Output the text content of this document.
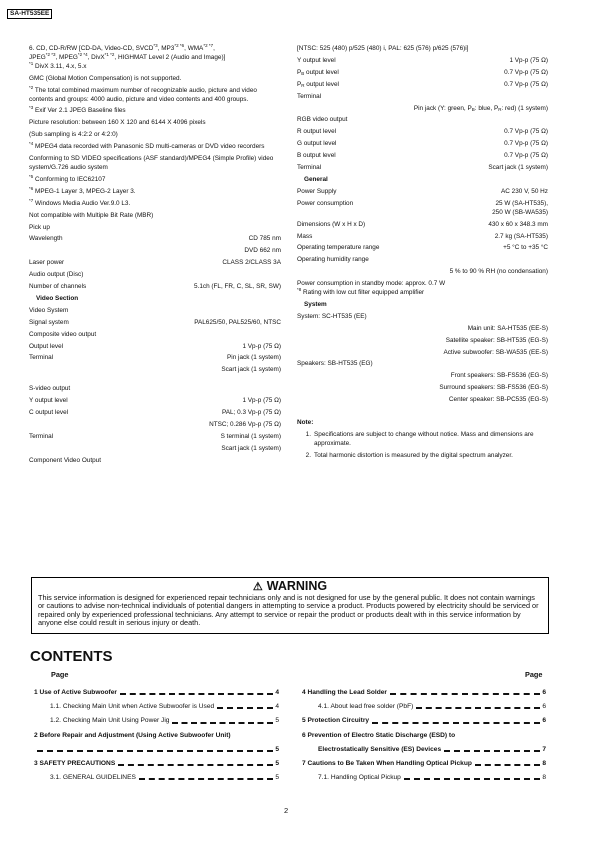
SA-HT535EE
6. CD, CD-R/RW [CD-DA, Video-CD, SVCD$^{*3}$, $MP3^{*2 *6}$, $WMA^{*2 *7}$,
$JPEG^{*2 *3}$, $MPEG^{*2 *4}$, DivX$^{*1 *2}$, HIGHMAT Level 2 (Audio and Image)]
$^{*1}$ DivX 3.11, 4.x, 5.x
GMC (Global Motion Compensation) is not supported.
$^{*2}$ The total combined maximum number of recognizable audio, picture and video contents and groups: 4000 audio, picture and video contents and 400 groups.
$^{*3}$ Exif Ver 2.1 JPEG Baseline files
Picture resolution: between 160 X 120 and 6144 X 4096 pixels
(Sub sampling is 4:2:2 or 4:2:0)
$^{*4}$ MPEG4 data recorded with Panasonic SD multi-cameras or DVD video recorders
Conforming to SD VIDEO specifications (ASF standard)/MPEG4 (Simple Profile) video system/G.726 audio system
$^{*5}$ Conforming to IEC62107
$^{*6}$ MPEG-1 Layer 3, MPEG-2 Layer 3.
$^{*7}$ Windows Media Audio Ver.9.0 L3.
Not compatible with Multiple Bit Rate (MBR)
Pick up
Wavelength	CD 785 nm
DVD 662 nm
Laser power	CLASS 2/CLASS 3A
Audio output (Disc)
Number of channels	5.1ch (FL, FR, C, SL, SR, SW)
Video Section
Video System
Signal system	PAL625/50, PAL525/60, NTSC
Composite video output
Output level	1 Vp-p (75 Ω)
Terminal	Pin jack (1 system)
Scart jack (1 system)
S-video output
Y output level	1 Vp-p (75 Ω)
C output level	PAL; 0.3 Vp-p (75 Ω)
NTSC; 0.286 Vp-p (75 Ω)
Terminal	S terminal (1 system)
Scart jack (1 system)
Component Video Output
[NTSC: 525 (480) p/525 (480) i, PAL: 625 (576) p/625 (576)i]
Y output level	1 Vp-p (75 Ω)
$P_B$ output level	0.7 Vp-p (75 Ω)
$P_R$ output level	0.7 Vp-p (75 Ω)
Terminal
Pin jack (Y: green, $P_B$: blue, $P_R$: red) (1 system)
RGB video output
R output level	0.7 Vp-p (75 Ω)
G output level	0.7 Vp-p (75 Ω)
B output level	0.7 Vp-p (75 Ω)
Terminal	Scart jack (1 system)
General
Power Supply	AC 230 V, 50 Hz
Power consumption	25 W (SA-HT535),
250 W (SB-WA535)
Dimensions (W x H x D)	430 x 60 x 348.3 mm
Mass	2.7 kg (SA-HT535)
Operating temperature range	+5 °C to +35 °C
Operating humidity range
5 % to 90 % RH (no condensation)
Power consumption in standby mode: approx. 0.7 W
$^{*8}$ Rating with low cut filter equipped amplifier
System
System: SC-HT535 (EE)
Main unit: SA-HT535 (EE-S)
Satellite speaker: SB-HT535 (EG-S)
Active subwoofer: SB-WA535 (EE-S)
Speakers: SB-HT535 (EG)
Front speakers: SB-FS536 (EG-S)
Surround speakers: SB-FS536 (EG-S)
Center speaker: SB-PC535 (EG-S)
Note:
1. Specifications are subject to change without notice. Mass and dimensions are approximate.
2. Total harmonic distortion is measured by the digital spectrum analyzer.
⚠ WARNING
This service information is designed for experienced repair technicians only and is not designed for use by the general public. It does not contain warnings or cautions to advise non-technical individuals of potential dangers in attempting to service a product. Products powered by electricity should be serviced or repaired only by experienced professional technicians. Any attempt to service or repair the product or products dealt with in this service information by anyone else could result in serious injury or death.
CONTENTS
Page	Page
1 Use of Active Subwoofer	4
1.1. Checking Main Unit when Active Subwoofer is Used	4
1.2. Checking Main Unit Using Power Jig	5
2 Before Repair and Adjustment (Using Active Subwoofer Unit)
5
3 SAFETY PRECAUTIONS	5
3.1. GENERAL GUIDELINES	5
4 Handling the Lead Solder	6
4.1. About lead free solder (PbF)	6
5 Protection Circuitry	6
6 Prevention of Electro Static Discharge (ESD) to
Electrostatically Sensitive (ES) Devices	7
7 Cautions to Be Taken When Handling Optical Pickup	8
7.1. Handling Optical Pickup	8
2
